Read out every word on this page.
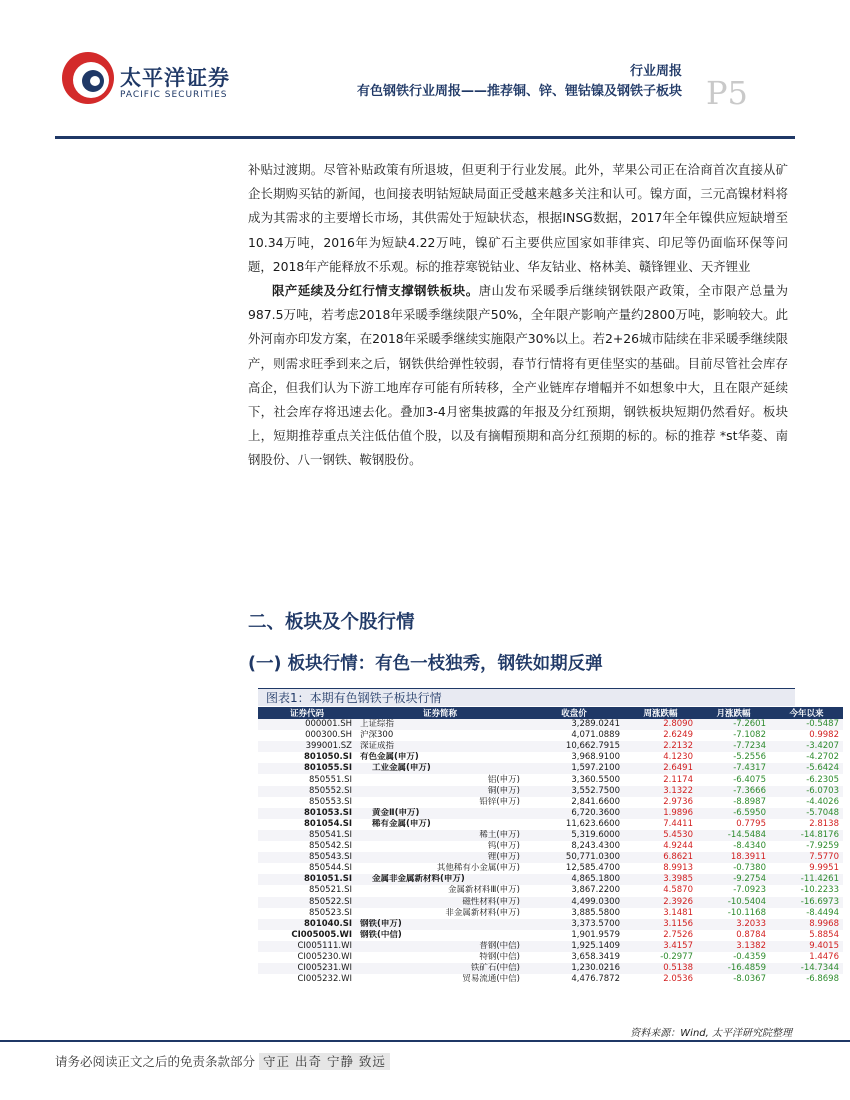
太平洋证券
PACIFIC SECURITIES
行业周报
有色钢铁行业周报——推荐铜、锌、锂钴镍及钢铁子板块 P5

补贴过渡期。尽管补贴政策有所退坡，但更利于行业发展。此外，苹果公司正在洽商首次直接从矿企长期购买钴的新闻，也间接表明钴短缺局面正受越来越多关注和认可。镍方面，三元高镍材料将成为其需求的主要增长市场，其供需处于短缺状态，根据INSG数据，2017年全年镍供应短缺增至10.34万吨，2016年为短缺4.22万吨，镍矿石主要供应国家如菲律宾、印尼等仍面临环保等问题，2018年产能释放不乐观。标的推荐寒锐钴业、华友钴业、格林美、赣锋锂业、天齐锂业

限产延续及分红行情支撑钢铁板块。唐山发布采暖季后继续钢铁限产政策，全市限产总量为987.5万吨，若考虑2018年采暖季继续限产50%，全年限产影响产量约2800万吨，影响较大。此外河南亦印发方案，在2018年采暖季继续实施限产30%以上。若2+26城市陆续在非采暖季继续限产，则需求旺季到来之后，钢铁供给弹性较弱，春节行情将有更佳坚实的基础。目前尽管社会库存高企，但我们认为下游工地库存可能有所转移，全产业链库存增幅并不如想象中大，且在限产延续下，社会库存将迅速去化。叠加3-4月密集披露的年报及分红预期，钢铁板块短期仍然看好。板块上，短期推荐重点关注低估值个股，以及有摘帽预期和高分红预期的标的。标的推荐 *st华菱、南钢股份、八一钢铁、鞍钢股份。

二、板块及个股行情
(一) 板块行情：有色一枝独秀，钢铁如期反弹
图表1：本期有色钢铁子板块行情
证券代码	证券简称	收盘价	周涨跌幅	月涨跌幅	今年以来
000001.SH	上证综指	3,289.0241	2.8090	-7.2601	-0.5487
000300.SH	沪深300	4,071.0889	2.6249	-7.1082	0.9982
399001.SZ	深证成指	10,662.7915	2.2132	-7.7234	-3.4207
801050.SI	有色金属(申万)	3,968.9100	4.1230	-5.2556	-4.2702
801055.SI	工业金属(申万)	1,597.2100	2.6491	-7.4317	-5.6424
850551.SI	铝(申万)	3,360.5500	2.1174	-6.4075	-6.2305
850552.SI	铜(申万)	3,552.7500	3.1322	-7.3666	-6.0703
850553.SI	铅锌(申万)	2,841.6600	2.9736	-8.8987	-4.4026
801053.SI	黄金Ⅱ(申万)	6,720.3600	1.9896	-6.5950	-5.7048
801054.SI	稀有金属(申万)	11,623.6600	7.4411	0.7795	2.8138
850541.SI	稀土(申万)	5,319.6000	5.4530	-14.5484	-14.8176
850542.SI	钨(申万)	8,243.4300	4.9244	-8.4340	-7.9259
850543.SI	锂(申万)	50,771.0300	6.8621	18.3911	7.5770
850544.SI	其他稀有小金属(申万)	12,585.4700	8.9913	-0.7380	9.9951
801051.SI	金属非金属新材料(申万)	4,865.1800	3.3985	-9.2754	-11.4261
850521.SI	金属新材料Ⅲ(申万)	3,867.2200	4.5870	-7.0923	-10.2233
850522.SI	磁性材料(申万)	4,499.0300	2.3926	-10.5404	-16.6973
850523.SI	非金属新材料(申万)	3,885.5800	3.1481	-10.1168	-8.4494
801040.SI	钢铁(申万)	3,373.5700	3.1156	3.2033	8.9968
CI005005.WI	钢铁(中信)	1,901.9579	2.7526	0.8784	5.8854
CI005111.WI	普钢(中信)	1,925.1409	3.4157	3.1382	9.4015
CI005230.WI	特钢(中信)	3,658.3419	-0.2977	-0.4359	1.4476
CI005231.WI	铁矿石(中信)	1,230.0216	0.5138	-16.4859	-14.7344
CI005232.WI	贸易流通(中信)	4,476.7872	2.0536	-8.0367	-6.8698
资料来源：Wind, 太平洋研究院整理
请务必阅读正文之后的免责条款部分 守正 出奇 宁静 致远
